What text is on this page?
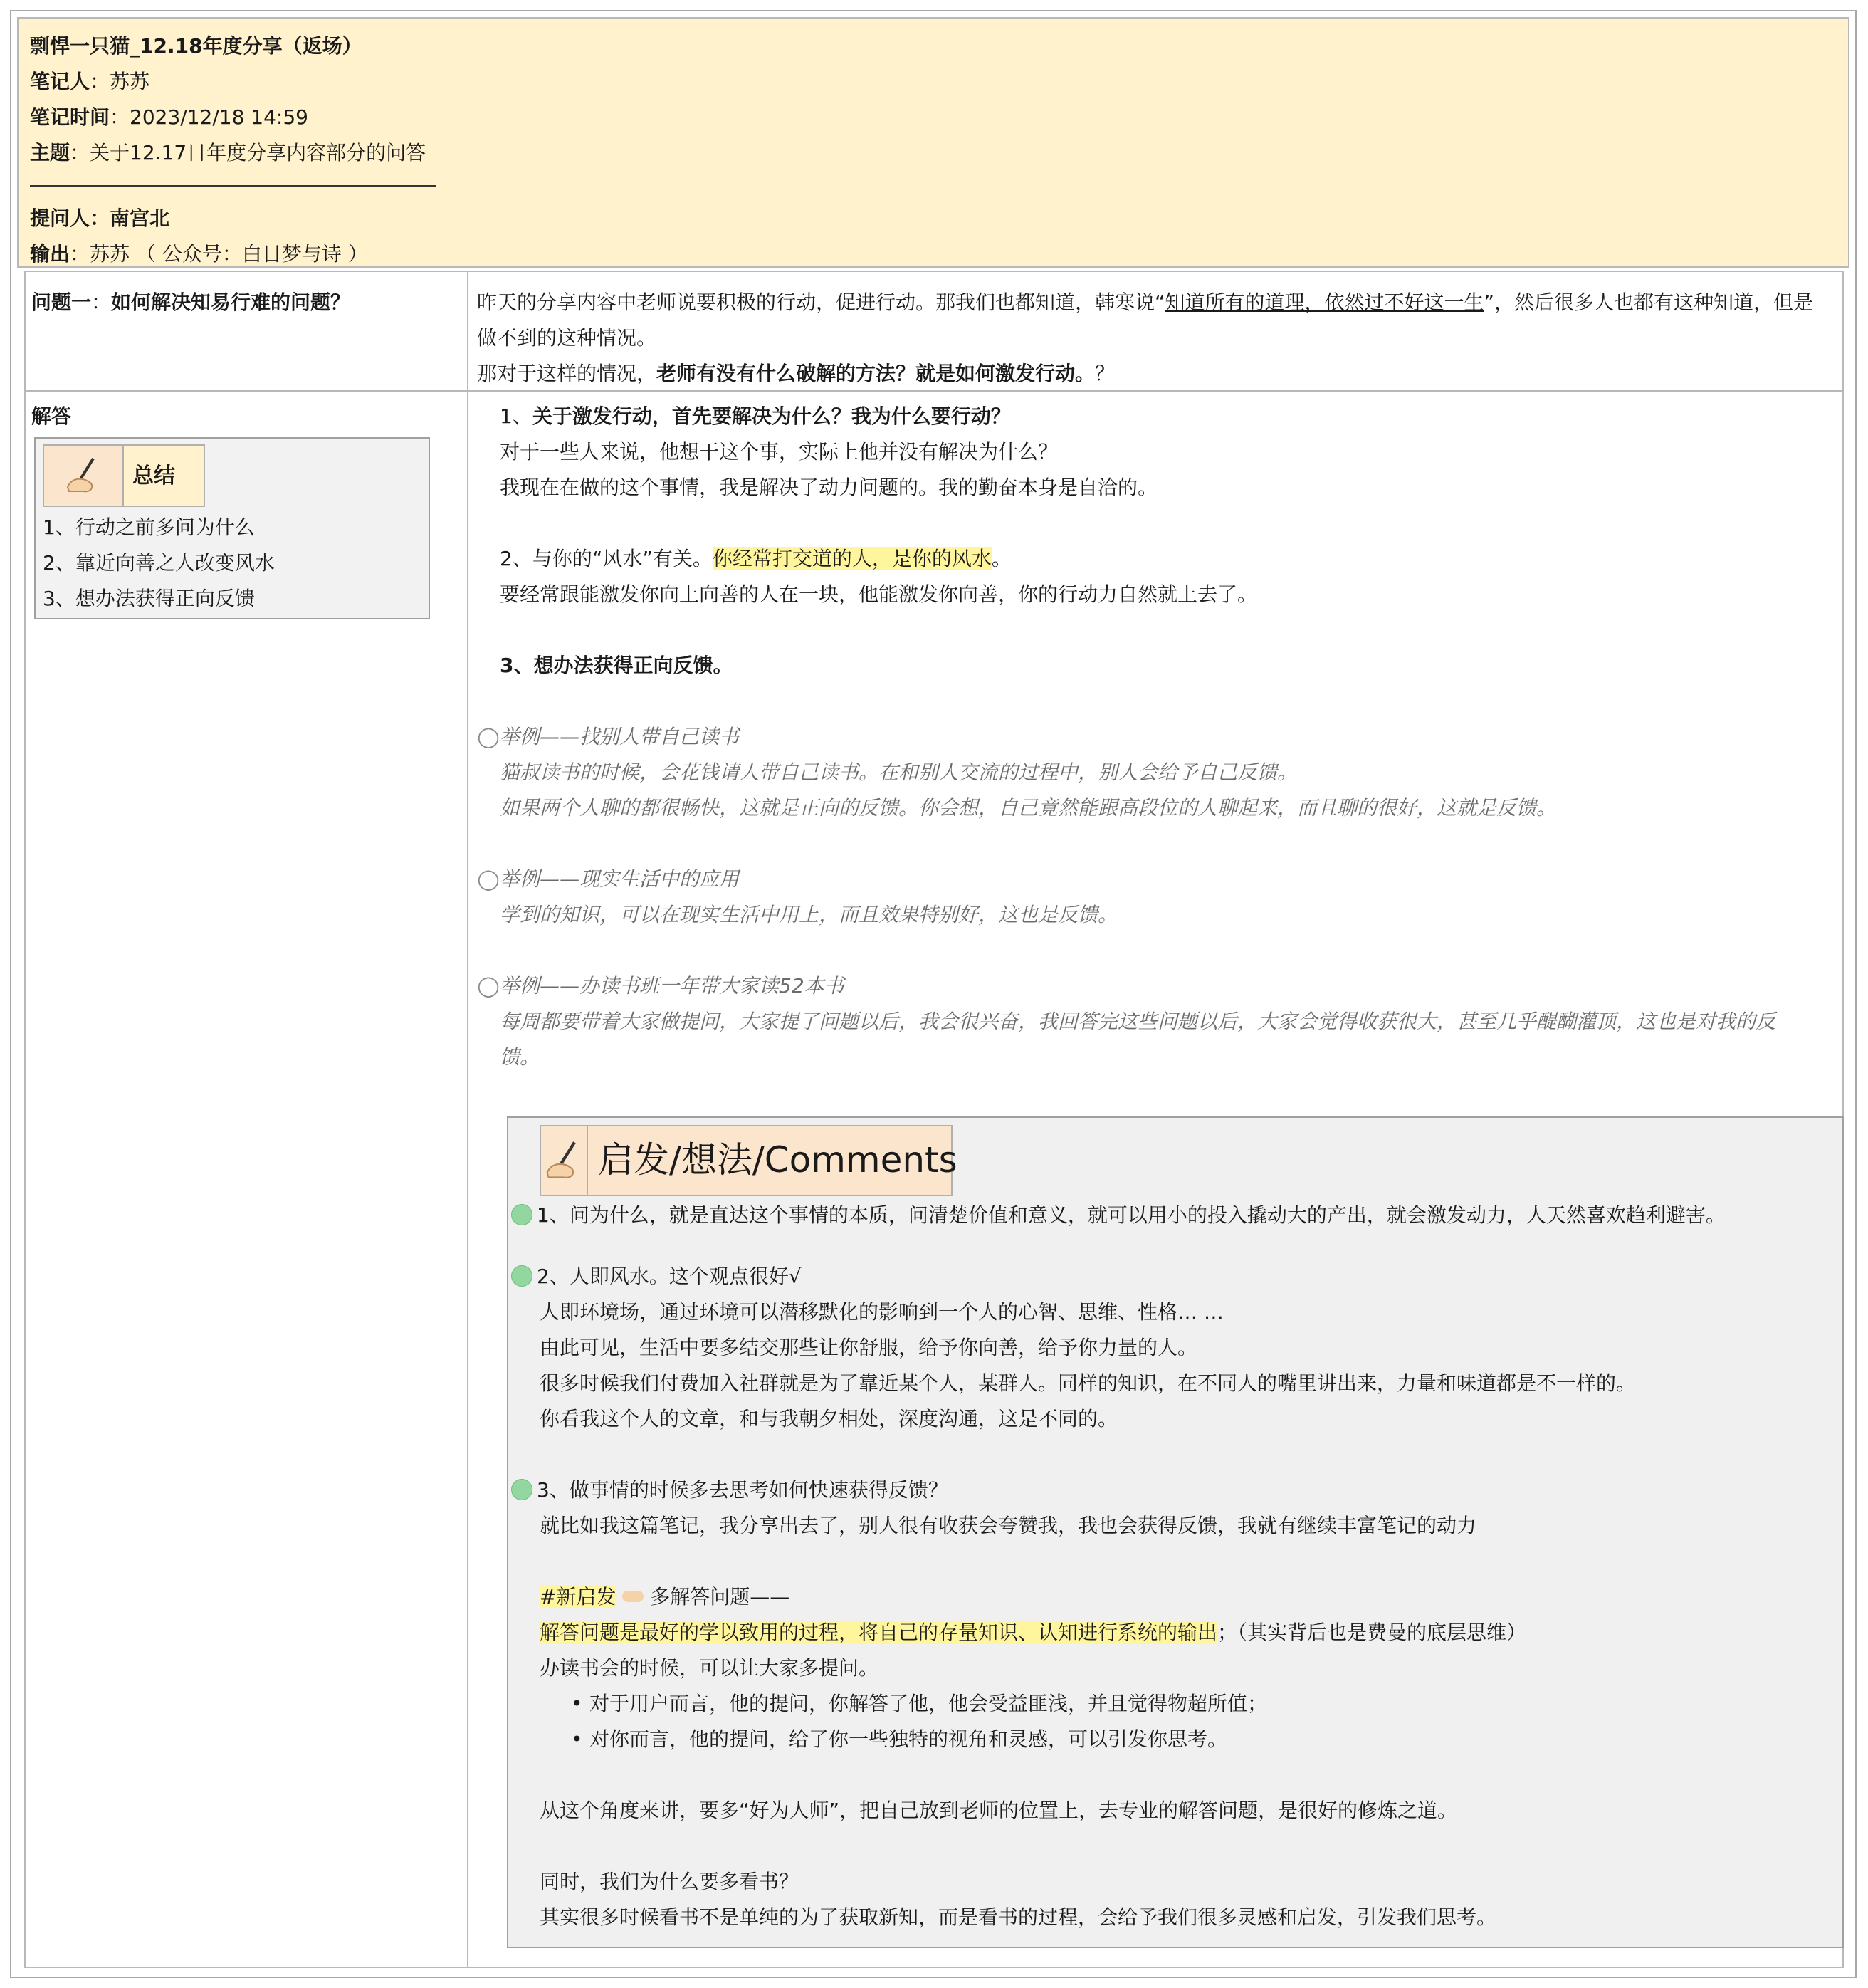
剽悍一只猫_12.18年度分享（返场）
笔记人：苏苏
笔记时间：2023/12/18 14:59
主题：关于12.17日年度分享内容部分的问答
提问人：南宫北
输出：苏苏 （ 公众号：白日梦与诗 ）
问题一：如何解决知易行难的问题？	昨天的分享内容中老师说要积极的行动，促进行动。那我们也都知道，韩寒说“知道所有的道理，依然过不好这一生”，然后很多人也都有这种知道，但是做不到的这种情况。
那对于这样的情况，老师有没有什么破解的方法？就是如何激发行动。？
解答
总结
1、行动之前多问为什么
2、靠近向善之人改变风水
3、想办法获得正向反馈
1、关于激发行动，首先要解决为什么？我为什么要行动？
对于一些人来说，他想干这个事，实际上他并没有解决为什么？
我现在在做的这个事情，我是解决了动力问题的。我的勤奋本身是自洽的。
2、与你的“风水”有关。你经常打交道的人，是你的风水。
要经常跟能激发你向上向善的人在一块，他能激发你向善，你的行动力自然就上去了。
3、想办法获得正向反馈。
◯举例——找别人带自己读书
猫叔读书的时候，会花钱请人带自己读书。在和别人交流的过程中，别人会给予自己反馈。
如果两个人聊的都很畅快，这就是正向的反馈。你会想，自己竟然能跟高段位的人聊起来，而且聊的很好，这就是反馈。
◯举例——现实生活中的应用
学到的知识，可以在现实生活中用上，而且效果特别好，这也是反馈。
◯举例——办读书班一年带大家读52本书
每周都要带着大家做提问，大家提了问题以后，我会很兴奋，我回答完这些问题以后，大家会觉得收获很大，甚至几乎醍醐灌顶，这也是对我的反
馈。
启发/想法/Comments
1、问为什么，就是直达这个事情的本质，问清楚价值和意义，就可以用小的投入撬动大的产出，就会激发动力，人天然喜欢趋利避害。
2、人即风水。这个观点很好√
人即环境场，通过环境可以潜移默化的影响到一个人的心智、思维、性格… …
由此可见，生活中要多结交那些让你舒服，给予你向善，给予你力量的人。
很多时候我们付费加入社群就是为了靠近某个人，某群人。同样的知识，在不同人的嘴里讲出来，力量和味道都是不一样的。
你看我这个人的文章，和与我朝夕相处，深度沟通，这是不同的。
3、做事情的时候多去思考如何快速获得反馈？
就比如我这篇笔记，我分享出去了，别人很有收获会夸赞我，我也会获得反馈，我就有继续丰富笔记的动力
#新启发 多解答问题——
解答问题是最好的学以致用的过程，将自己的存量知识、认知进行系统的输出；（其实背后也是费曼的底层思维）
办读书会的时候，可以让大家多提问。
• 对于用户而言，他的提问，你解答了他，他会受益匪浅，并且觉得物超所值；
• 对你而言，他的提问，给了你一些独特的视角和灵感，可以引发你思考。
从这个角度来讲，要多“好为人师”，把自己放到老师的位置上，去专业的解答问题，是很好的修炼之道。
同时，我们为什么要多看书？
其实很多时候看书不是单纯的为了获取新知，而是看书的过程，会给予我们很多灵感和启发，引发我们思考。
